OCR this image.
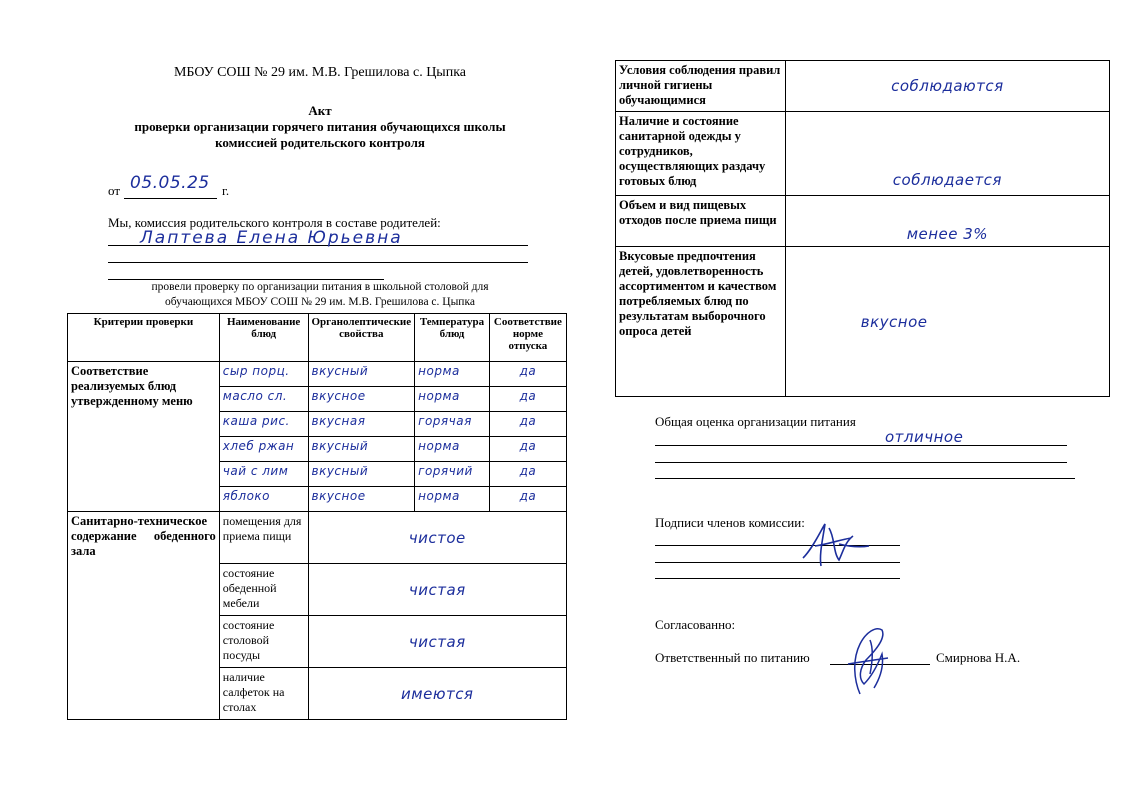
МБОУ СОШ № 29 им. М.В. Грешилова с. Цыпка
Акт
проверки организации горячего питания обучающихся школы
комиссией родительского контроля
от 05.05.25 г.
Мы, комиссия родительского контроля в составе родителей:
Лаптева Елена Юрьевна
провели проверку по организации питания в школьной столовой для
обучающихся МБОУ СОШ № 29 им. М.В. Грешилова с. Цыпка
Критерии проверки	Наименование блюд	Органолептические свойства	Температура блюд	Соответствие норме отпуска
Соответствие реализуемых блюд утвержденному меню	сыр порц.	вкусный	норма	да
	масло сл.	вкусное	норма	да
	каша рис.	вкусная	горячая	да
	хлеб ржан	вкусный	норма	да
	чай с лим	вкусный	горячий	да
	яблоко	вкусное	норма	да
Санитарно-техническое содержание обеденного зала	помещения для приема пищи	чистое		
	состояние обеденной мебели	чистая		
	состояние столовой посуды	чистая		
	наличие салфеток на столах	имеются		
Условия соблюдения правил личной гигиены обучающимися	соблюдаются
Наличие и состояние санитарной одежды у сотрудников, осуществляющих раздачу готовых блюд	соблюдается
Объем и вид пищевых отходов после приема пищи	менее 3%
Вкусовые предпочтения детей, удовлетворенность ассортиментом и качеством потребляемых блюд по результатам выборочного опроса детей	вкусное
Общая оценка организации питания
отличное
Подписи членов комиссии:
Согласованно:
Ответственный по питанию	Смирнова Н.А.
